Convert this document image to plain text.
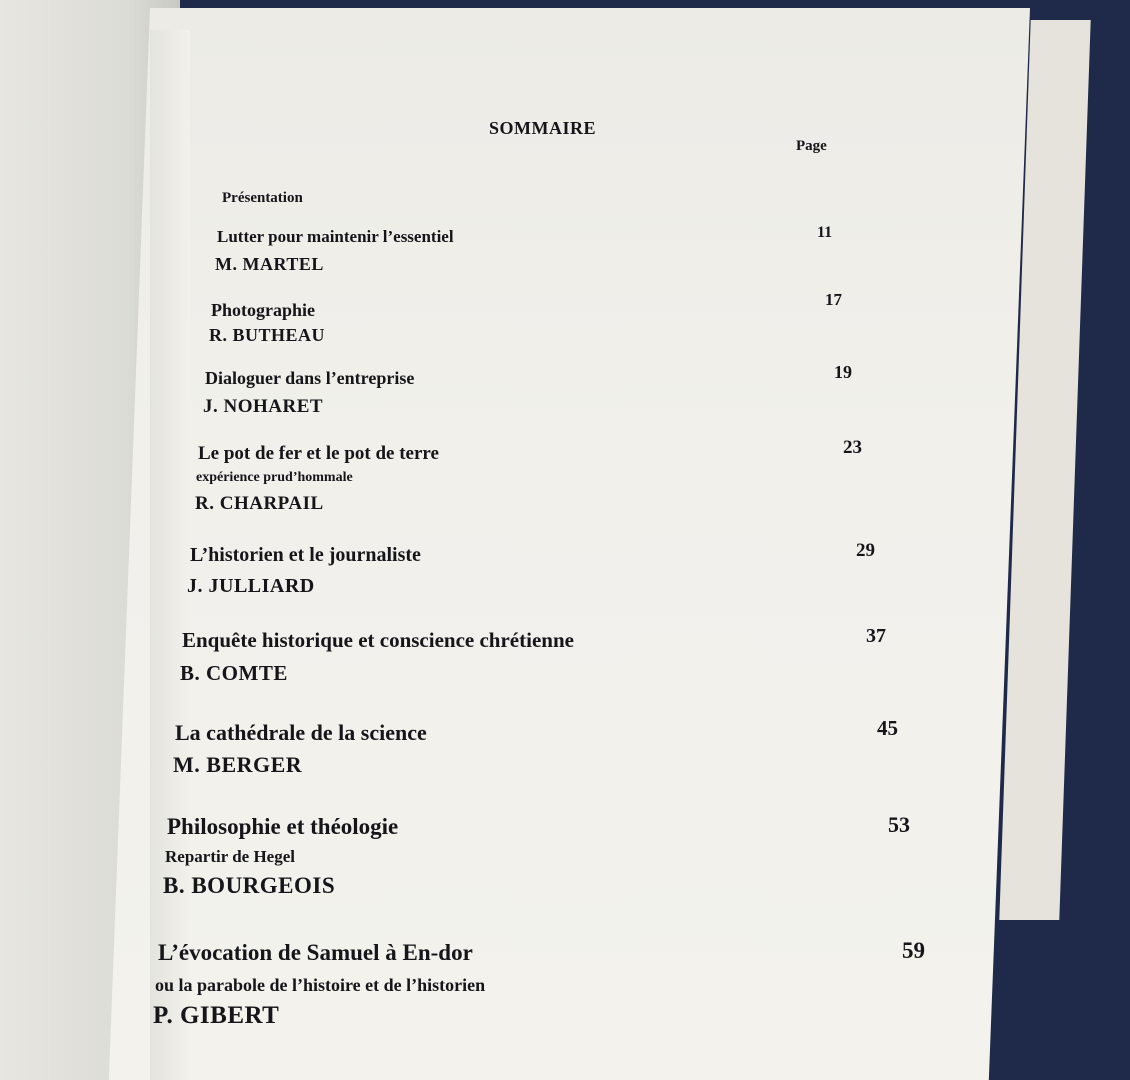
SOMMAIRE
Page
Présentation
Lutter pour maintenir l’essentiel
M. MARTEL
11
Photographie
R. BUTHEAU
17
Dialoguer dans l’entreprise
J. NOHARET
19
Le pot de fer et le pot de terre
expérience prud’hommale
R. CHARPAIL
23
L’historien et le journaliste
J. JULLIARD
29
Enquête historique et conscience chrétienne
B. COMTE
37
La cathédrale de la science
M. BERGER
45
Philosophie et théologie
Repartir de Hegel
B. BOURGEOIS
53
L’évocation de Samuel à En-dor
ou la parabole de l’histoire et de l’historien
P. GIBERT
59
